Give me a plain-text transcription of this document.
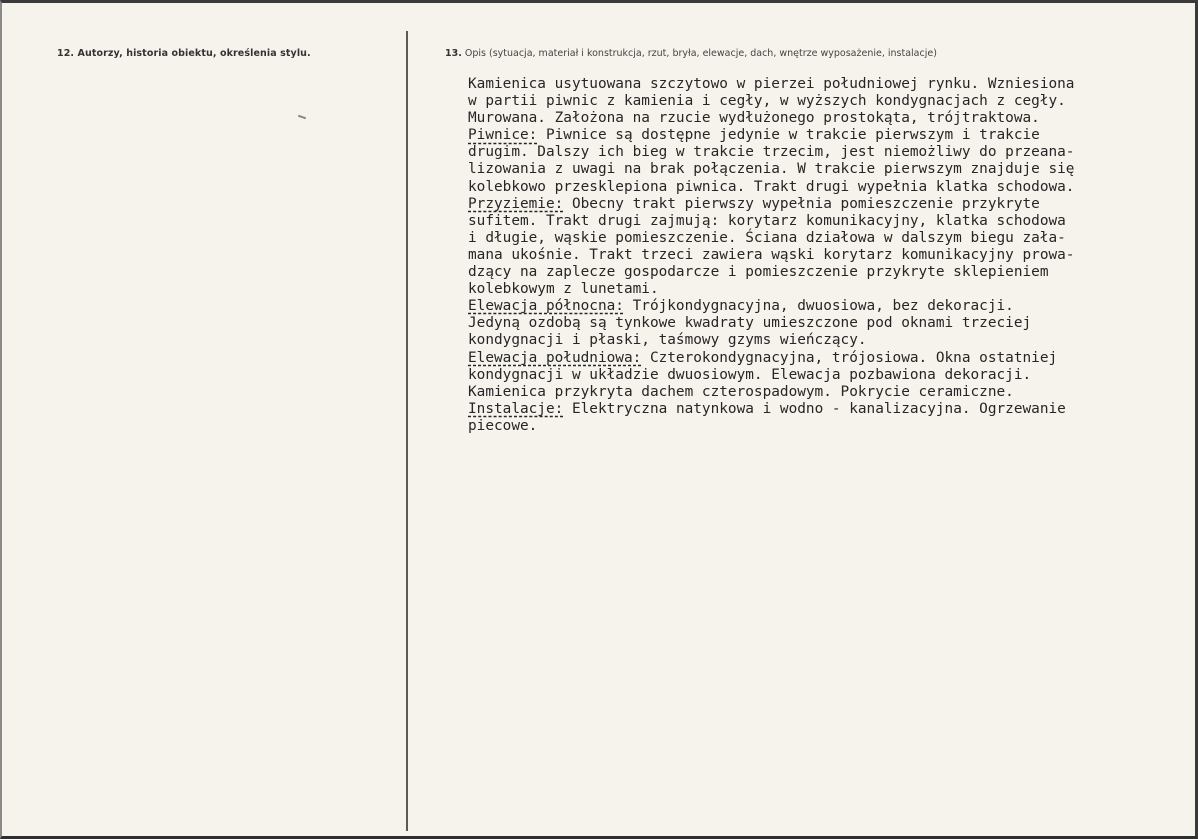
12. Autorzy, historia obiektu, określenia stylu.	13. Opis (sytuacja, materiał i konstrukcja, rzut, bryła, elewacje, dach, wnętrze wyposażenie, instalacje)
Kamienica usytuowana szczytowo w pierzei południowej rynku. Wzniesiona
w partii piwnic z kamienia i cegły, w wyższych kondygnacjach z cegły.
Murowana. Założona na rzucie wydłużonego prostokąta, trójtraktowa.
Piwnice: Piwnice są dostępne jedynie w trakcie pierwszym i trakcie
drugim. Dalszy ich bieg w trakcie trzecim, jest niemożliwy do przeana-
lizowania z uwagi na brak połączenia. W trakcie pierwszym znajduje się
kolebkowo przesklepiona piwnica. Trakt drugi wypełnia klatka schodowa.
Przyziemie: Obecny trakt pierwszy wypełnia pomieszczenie przykryte
sufitem. Trakt drugi zajmują: korytarz komunikacyjny, klatka schodowa
i długie, wąskie pomieszczenie. Ściana działowa w dalszym biegu zała-
mana ukośnie. Trakt trzeci zawiera wąski korytarz komunikacyjny prowa-
dzący na zaplecze gospodarcze i pomieszczenie przykryte sklepieniem
kolebkowym z lunetami.
Elewacja północna: Trójkondygnacyjna, dwuosiowa, bez dekoracji.
Jedyną ozdobą są tynkowe kwadraty umieszczone pod oknami trzeciej
kondygnacji i płaski, taśmowy gzyms wieńczący.
Elewacja południowa: Czterokondygnacyjna, trójosiowa. Okna ostatniej
kondygnacji w układzie dwuosiowym. Elewacja pozbawiona dekoracji.
Kamienica przykryta dachem czterospadowym. Pokrycie ceramiczne.
Instalacje: Elektryczna natynkowa i wodno - kanalizacyjna. Ogrzewanie
piecowe.
